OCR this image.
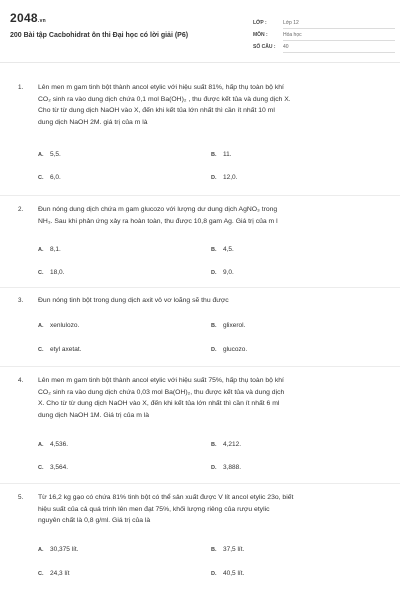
2048.vn
200 Bài tập Cacbohidrat ôn thi Đại học có lời giải (P6)
LỚP :	Lớp 12
MÔN :	Hóa học
SỐ CÂU :	40
1. Lên men m gam tinh bột thành ancol etylic với hiệu suất 81%, hấp thụ toàn bộ khí
CO₂ sinh ra vào dung dịch chứa 0,1 mol Ba(OH)₂ , thu được kết tủa và dung dịch X.
Cho từ từ dung dịch NaOH vào X, đến khi kết tủa lớn nhất thì cần ít nhất 10 ml
dung dịch NaOH 2M. giá trị của m là
A. 5,5.	B. 11.
C. 6,0.	D. 12,0.
2. Đun nóng dung dịch chứa m gam glucozo với lượng dư dung dịch AgNO₃ trong
NH₃. Sau khi phản ứng xảy ra hoàn toàn, thu được 10,8 gam Ag. Giá trị của m l
A. 8,1.	B. 4,5.
C. 18,0.	D. 9,0.
3. Đun nóng tinh bột trong dung dịch axit vô vơ loãng sẽ thu được
A. xenlulozo.	B. glixerol.
C. etyl axetat.	D. glucozo.
4. Lên men m gam tinh bột thành ancol etylic với hiệu suất 75%, hấp thụ toàn bộ khí
CO₂ sinh ra vào dung dịch chứa 0,03 mol Ba(OH)₂, thu được kết tủa và dung dịch
X. Cho từ từ dung dịch NaOH vào X, đến khi kết tủa lớn nhất thì cần ít nhất 6 ml
dung dịch NaOH 1M. Giá trị của m là
A. 4,536.	B. 4,212.
C. 3,564.	D. 3,888.
5. Từ 16,2 kg gạo có chứa 81% tinh bột có thể sản xuất được V lít ancol etylic 23o, biết
hiệu suất của cả quá trình lên men đạt 75%, khối lượng riêng của rượu etylic
nguyên chất là 0,8 g/ml. Giá trị của là
A. 30,375 lít.	B. 37,5 lít.
C. 24,3 lít	D. 40,5 lít.
